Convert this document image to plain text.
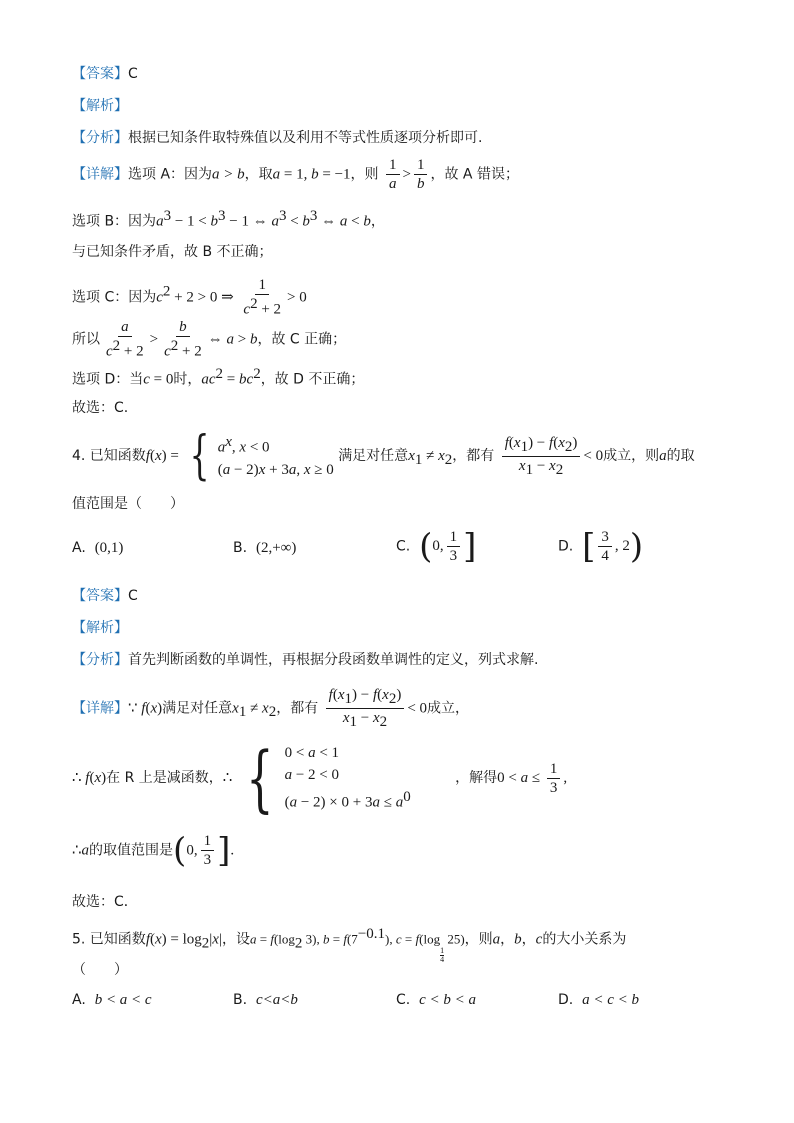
【答案】C
【解析】
【分析】根据已知条件取特殊值以及利用不等式性质逐项分析即可.
【详解】选项 A：因为a > b，取a = 1, b = −1，则 $\frac{1}{a} > \frac{1}{b}$ ，故 A 错误；
选项 B：因为$a^3 - 1 < b^3 - 1$ ⇔ $a^3 < b^3$ ⇔ a < b，
与已知条件矛盾，故 B 不正确；
选项 C：因为$c^2 + 2 > 0$ ⇒ $\frac{1}{c^2 + 2} > 0$
所以 $\frac{a}{c^2 + 2} > \frac{b}{c^2 + 2}$ ⇔ a > b，故 C 正确；
选项 D：当c = 0时，$ac^2 = bc^2$，故 D 不正确；
故选：C.
4. 已知函数f(x) = { $a^x$, x < 0
(a − 2)x + 3a, x ≥ 0
满足对任意$x_1 \ne x_2$，都有 $\frac{f(x_1) - f(x_2)}{x_1 - x_2} < 0$成立，则a的取
值范围是（　　）
A. (0,1)	B. (2,+∞)	C. (0, $\frac{1}{3}$ ]	D. [ $\frac{3}{4}$ , 2)
【答案】C
【解析】
【分析】首先判断函数的单调性，再根据分段函数单调性的定义，列式求解.
【详解】∵ f(x)满足对任意$x_1 \ne x_2$，都有 $\frac{f(x_1) - f(x_2)}{x_1 - x_2} < 0$成立，
∴ f(x)在 R 上是减函数，∴ { 0 < a < 1
a − 2 < 0
$(a - 2) \times 0 + 3a \le a^0$
，解得$0 < a \le \frac{1}{3}$ ,
∴a的取值范围是(0, $\frac{1}{3}$ ].
故选：C．
5. 已知函数$f(x) = \log_2|x|$，设$a = f(\log_2$ 3), $b = f(7^{-0.1})$, c = f(log
$_{\frac{1}{4}}$
25)，则a，b，c的大小关系为
（　　）
A. b < a < c	B. c<a<b	C. c < b < a	D. a < c < b
